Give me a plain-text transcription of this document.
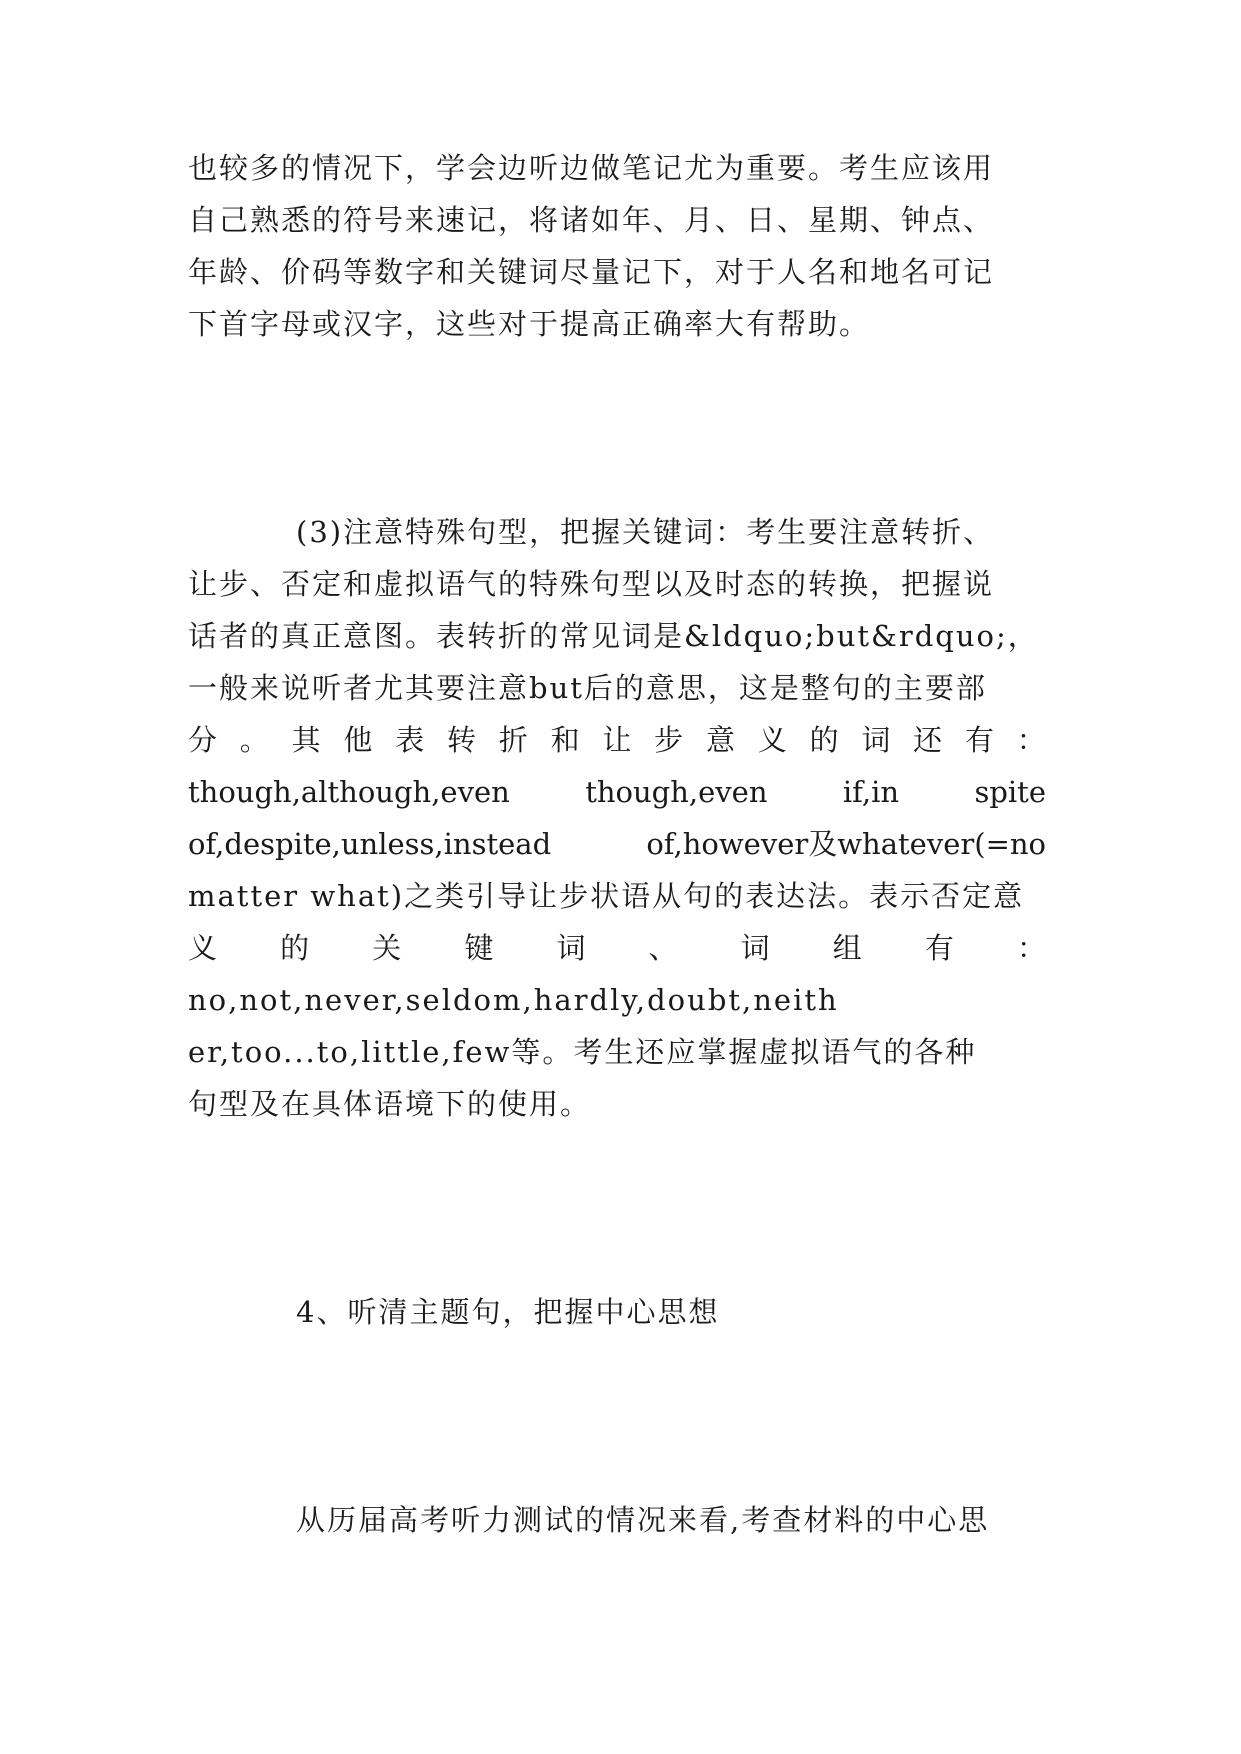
也较多的情况下，学会边听边做笔记尤为重要。考生应该用
自己熟悉的符号来速记，将诸如年、月、日、星期、钟点、
年龄、价码等数字和关键词尽量记下，对于人名和地名可记
下首字母或汉字，这些对于提高正确率大有帮助。
(3)注意特殊句型，把握关键词：考生要注意转折、
让步、否定和虚拟语气的特殊句型以及时态的转换，把握说
话者的真正意图。表转折的常见词是&ldquo;but&rdquo;，
一般来说听者尤其要注意but后的意思，这是整句的主要部
分 。 其 他 表 转 折 和 让 步 意 义 的 词 还 有 ：
though,although,even	though,even	if,in	spite
of,despite,unless,instead	of,however及whatever(=no
matter what)之类引导让步状语从句的表达法。表示否定意
义 的 关 键 词 、 词 组 有 ：
no,not,never,seldom,hardly,doubt,neith
er,too...to,little,few等。考生还应掌握虚拟语气的各种
句型及在具体语境下的使用。
4、听清主题句，把握中心思想
从历届高考听力测试的情况来看,考查材料的中心思
